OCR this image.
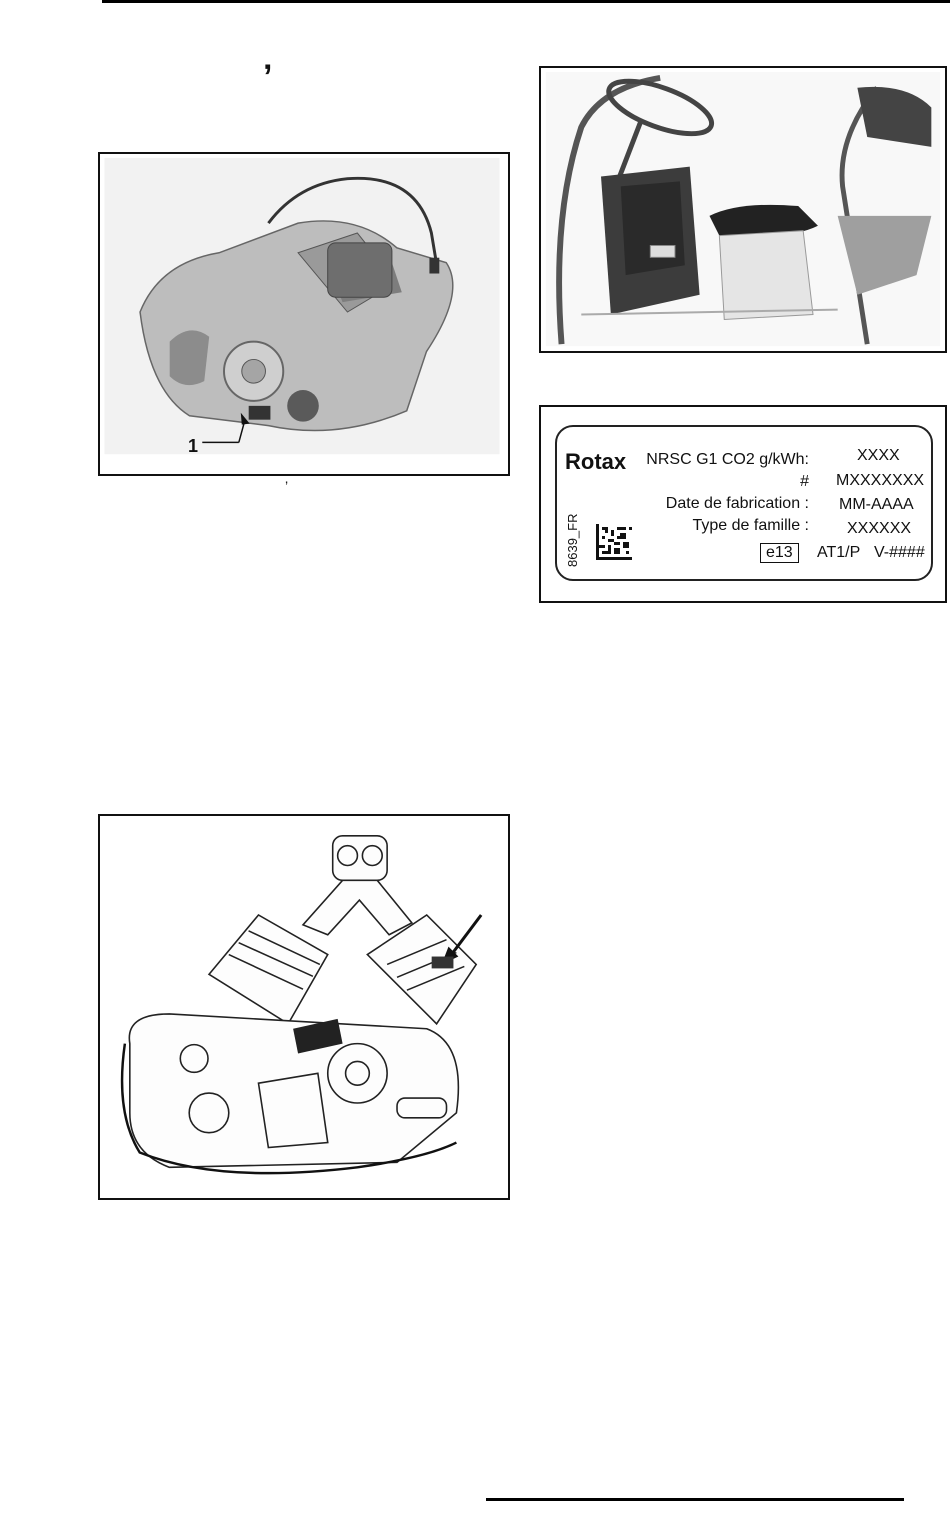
’
1
’
Rotax
8639_FR
NRSC G1 CO2 g/kWh:	XXXX
# MXXXXXXX
Date de fabrication : MM-AAAA
Type de famille : XXXXXX
e13	AT1/P V-####
